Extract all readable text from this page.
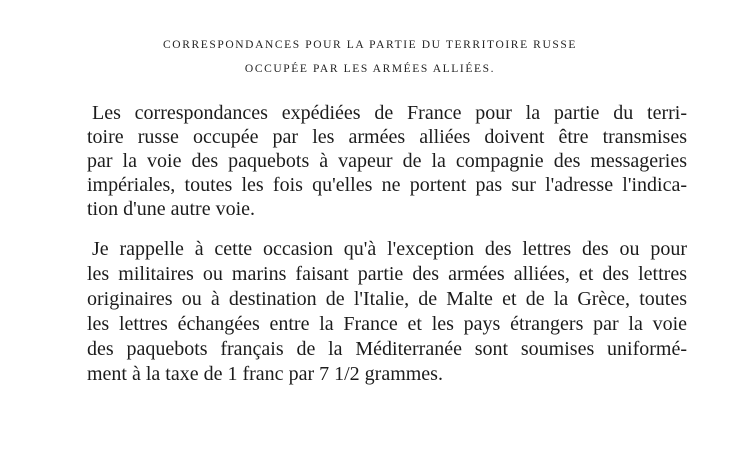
CORRESPONDANCES POUR LA PARTIE DU TERRITOIRE RUSSE
OCCUPÉE PAR LES ARMÉES ALLIÉES.
Les correspondances expédiées de France pour la partie du terri-
toire russe occupée par les armées alliées doivent être transmises
par la voie des paquebots à vapeur de la compagnie des messageries
impériales, toutes les fois qu'elles ne portent pas sur l'adresse l'indica-
tion d'une autre voie.
Je rappelle à cette occasion qu'à l'exception des lettres des ou pour
les militaires ou marins faisant partie des armées alliées, et des lettres
originaires ou à destination de l'Italie, de Malte et de la Grèce, toutes
les lettres échangées entre la France et les pays étrangers par la voie
des paquebots français de la Méditerranée sont soumises uniformé-
ment à la taxe de 1 franc par 7 1/2 grammes.
